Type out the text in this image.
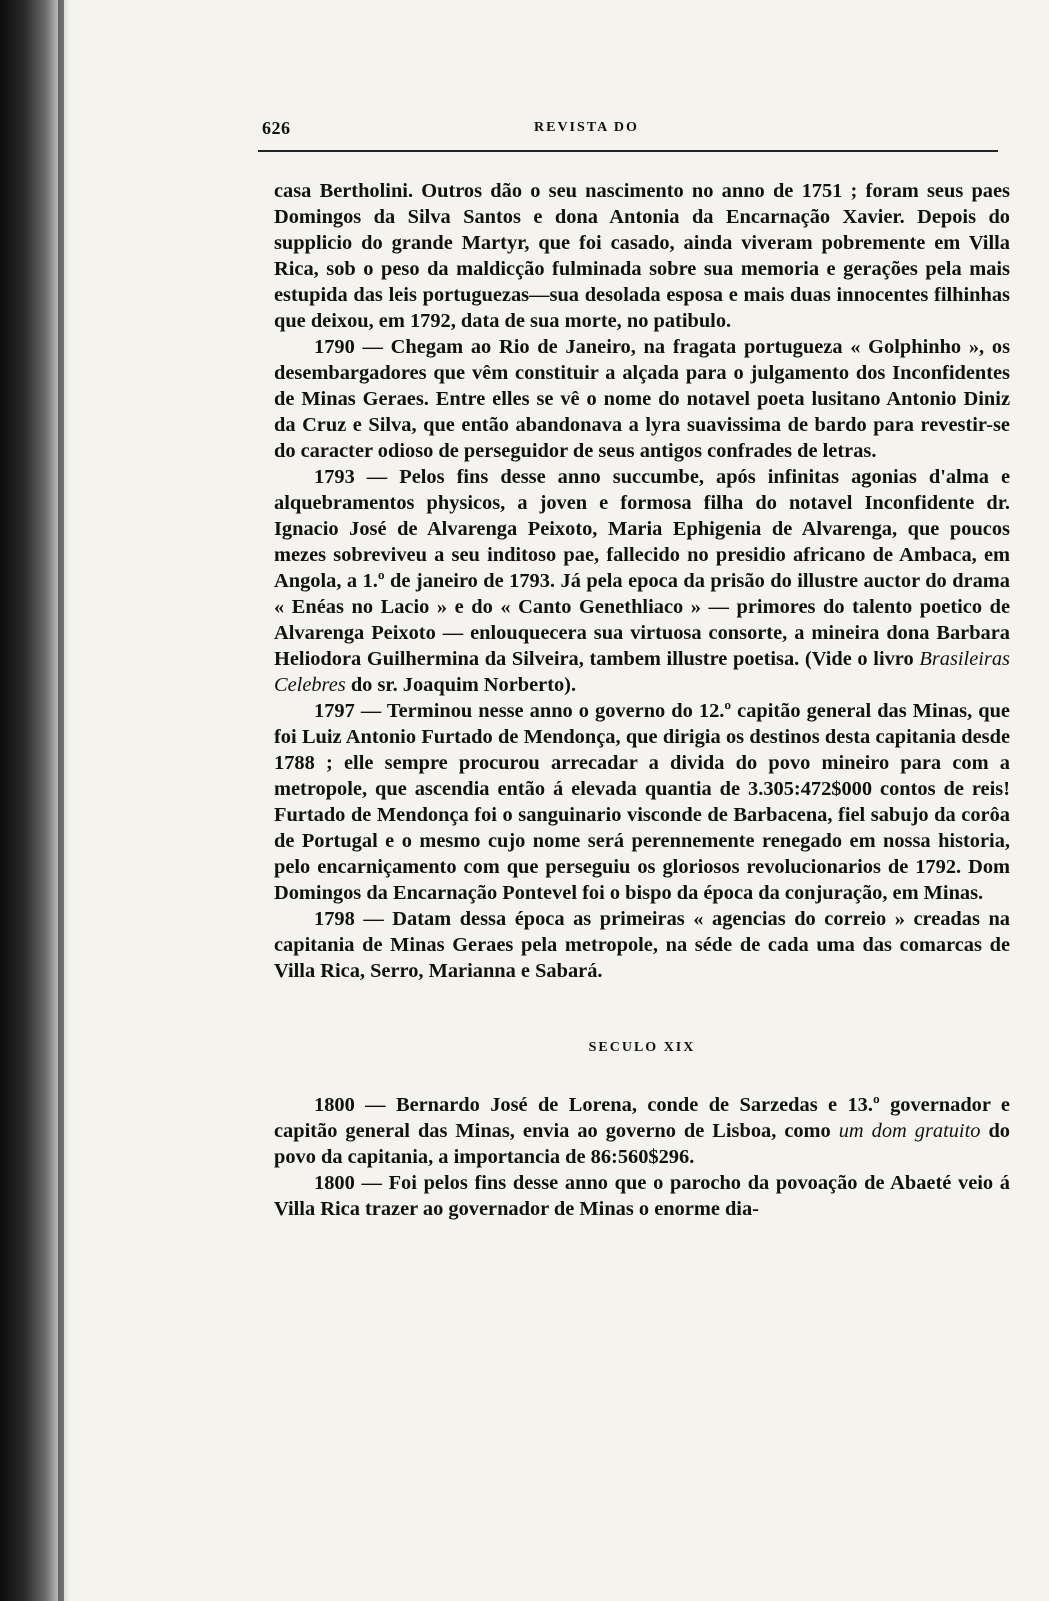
626	REVISTA DO

casa Bertholini. Outros dão o seu nascimento no anno de 1751 ; foram seus paes Domingos da Silva Santos e dona Antonia da Encarnação Xavier. Depois do supplicio do grande Martyr, que foi casado, ainda viveram pobremente em Villa Rica, sob o peso da maldicção fulminada sobre sua memoria e gerações pela mais estupida das leis portuguezas—sua desolada esposa e mais duas innocentes filhinhas que deixou, em 1792, data de sua morte, no patibulo.

1790 — Chegam ao Rio de Janeiro, na fragata portugueza « Golphinho », os desembargadores que vêm constituir a alçada para o julgamento dos Inconfidentes de Minas Geraes. Entre elles se vê o nome do notavel poeta lusitano Antonio Diniz da Cruz e Silva, que então abandonava a lyra suavissima de bardo para revestir-se do caracter odioso de perseguidor de seus antigos confrades de letras.

1793 — Pelos fins desse anno succumbe, após infinitas agonias d'alma e alquebramentos physicos, a joven e formosa filha do notavel Inconfidente dr. Ignacio José de Alvarenga Peixoto, Maria Ephigenia de Alvarenga, que poucos mezes sobreviveu a seu inditoso pae, fallecido no presidio africano de Ambaca, em Angola, a 1.º de janeiro de 1793. Já pela epoca da prisão do illustre auctor do drama « Enéas no Lacio » e do « Canto Genethliaco » — primores do talento poetico de Alvarenga Peixoto — enlouquecera sua virtuosa consorte, a mineira dona Barbara Heliodora Guilhermina da Silveira, tambem illustre poetisa. (Vide o livro Brasileiras Celebres do sr. Joaquim Norberto).

1797 — Terminou nesse anno o governo do 12.º capitão general das Minas, que foi Luiz Antonio Furtado de Mendonça, que dirigia os destinos desta capitania desde 1788 ; elle sempre procurou arrecadar a divida do povo mineiro para com a metropole, que ascendia então á elevada quantia de 3.305:472$000 contos de reis! Furtado de Mendonça foi o sanguinario visconde de Barbacena, fiel sabujo da corôa de Portugal e o mesmo cujo nome será perennemente renegado em nossa historia, pelo encarniçamento com que perseguiu os gloriosos revolucionarios de 1792. Dom Domingos da Encarnação Pontevel foi o bispo da época da conjuração, em Minas.

1798 — Datam dessa época as primeiras « agencias do correio » creadas na capitania de Minas Geraes pela metropole, na séde de cada uma das comarcas de Villa Rica, Serro, Marianna e Sabará.

SECULO XIX

1800 — Bernardo José de Lorena, conde de Sarzedas e 13.º governador e capitão general das Minas, envia ao governo de Lisboa, como um dom gratuito do povo da capitania, a importancia de 86:560$296.

1800 — Foi pelos fins desse anno que o parocho da povoação de Abaeté veio á Villa Rica trazer ao governador de Minas o enorme dia-
